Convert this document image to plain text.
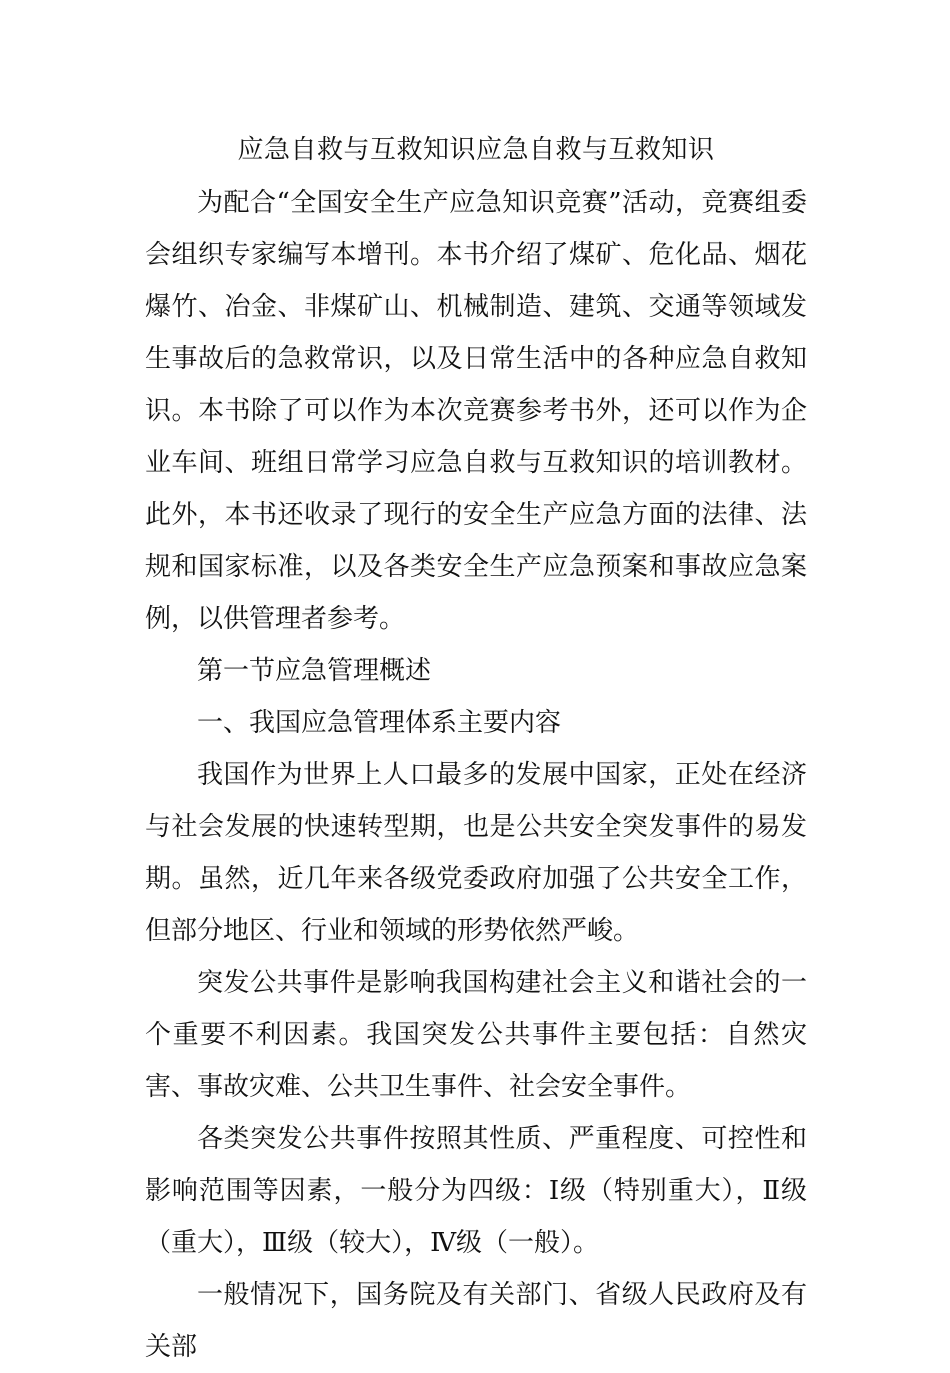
应急自救与互救知识应急自救与互救知识

为配合“全国安全生产应急知识竞赛”活动，竞赛组委会组织专家编写本增刊。本书介绍了煤矿、危化品、烟花爆竹、冶金、非煤矿山、机械制造、建筑、交通等领域发生事故后的急救常识，以及日常生活中的各种应急自救知识。本书除了可以作为本次竞赛参考书外，还可以作为企业车间、班组日常学习应急自救与互救知识的培训教材。此外，本书还收录了现行的安全生产应急方面的法律、法规和国家标准，以及各类安全生产应急预案和事故应急案例，以供管理者参考。

第一节应急管理概述

一、我国应急管理体系主要内容

我国作为世界上人口最多的发展中国家，正处在经济与社会发展的快速转型期，也是公共安全突发事件的易发期。虽然，近几年来各级党委政府加强了公共安全工作，但部分地区、行业和领域的形势依然严峻。

突发公共事件是影响我国构建社会主义和谐社会的一个重要不利因素。我国突发公共事件主要包括：自然灾害、事故灾难、公共卫生事件、社会安全事件。

各类突发公共事件按照其性质、严重程度、可控性和影响范围等因素，一般分为四级：Ⅰ级（特别重大），Ⅱ级（重大），Ⅲ级（较大），Ⅳ级（一般）。

一般情况下，国务院及有关部门、省级人民政府及有关部
